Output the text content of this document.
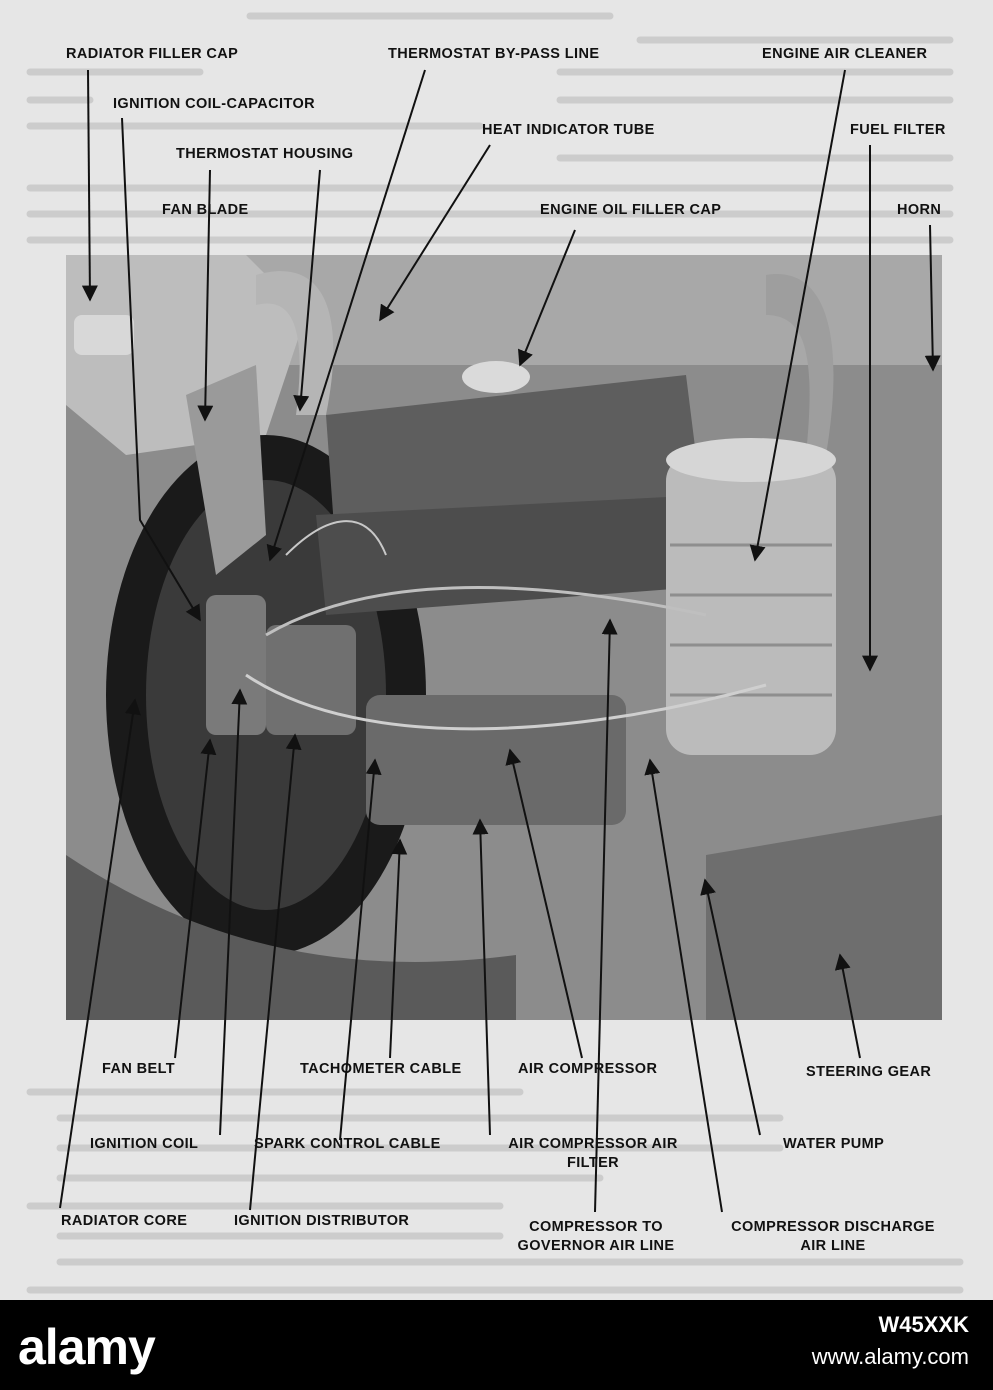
RADIATOR FILLER CAP	THERMOSTAT BY-PASS LINE	ENGINE AIR CLEANER
IGNITION COIL-CAPACITOR
HEAT INDICATOR TUBE	FUEL FILTER
THERMOSTAT HOUSING
FAN BLADE	ENGINE OIL FILLER CAP	HORN
FAN BELT	TACHOMETER CABLE	AIR COMPRESSOR	STEERING GEAR
IGNITION COIL	SPARK CONTROL CABLE	AIR COMPRESSOR AIR
FILTER
WATER PUMP
RADIATOR CORE	IGNITION DISTRIBUTOR	COMPRESSOR TO
GOVERNOR AIR LINE
COMPRESSOR DISCHARGE
AIR LINE
alamy	W45XXK
www.alamy.com
